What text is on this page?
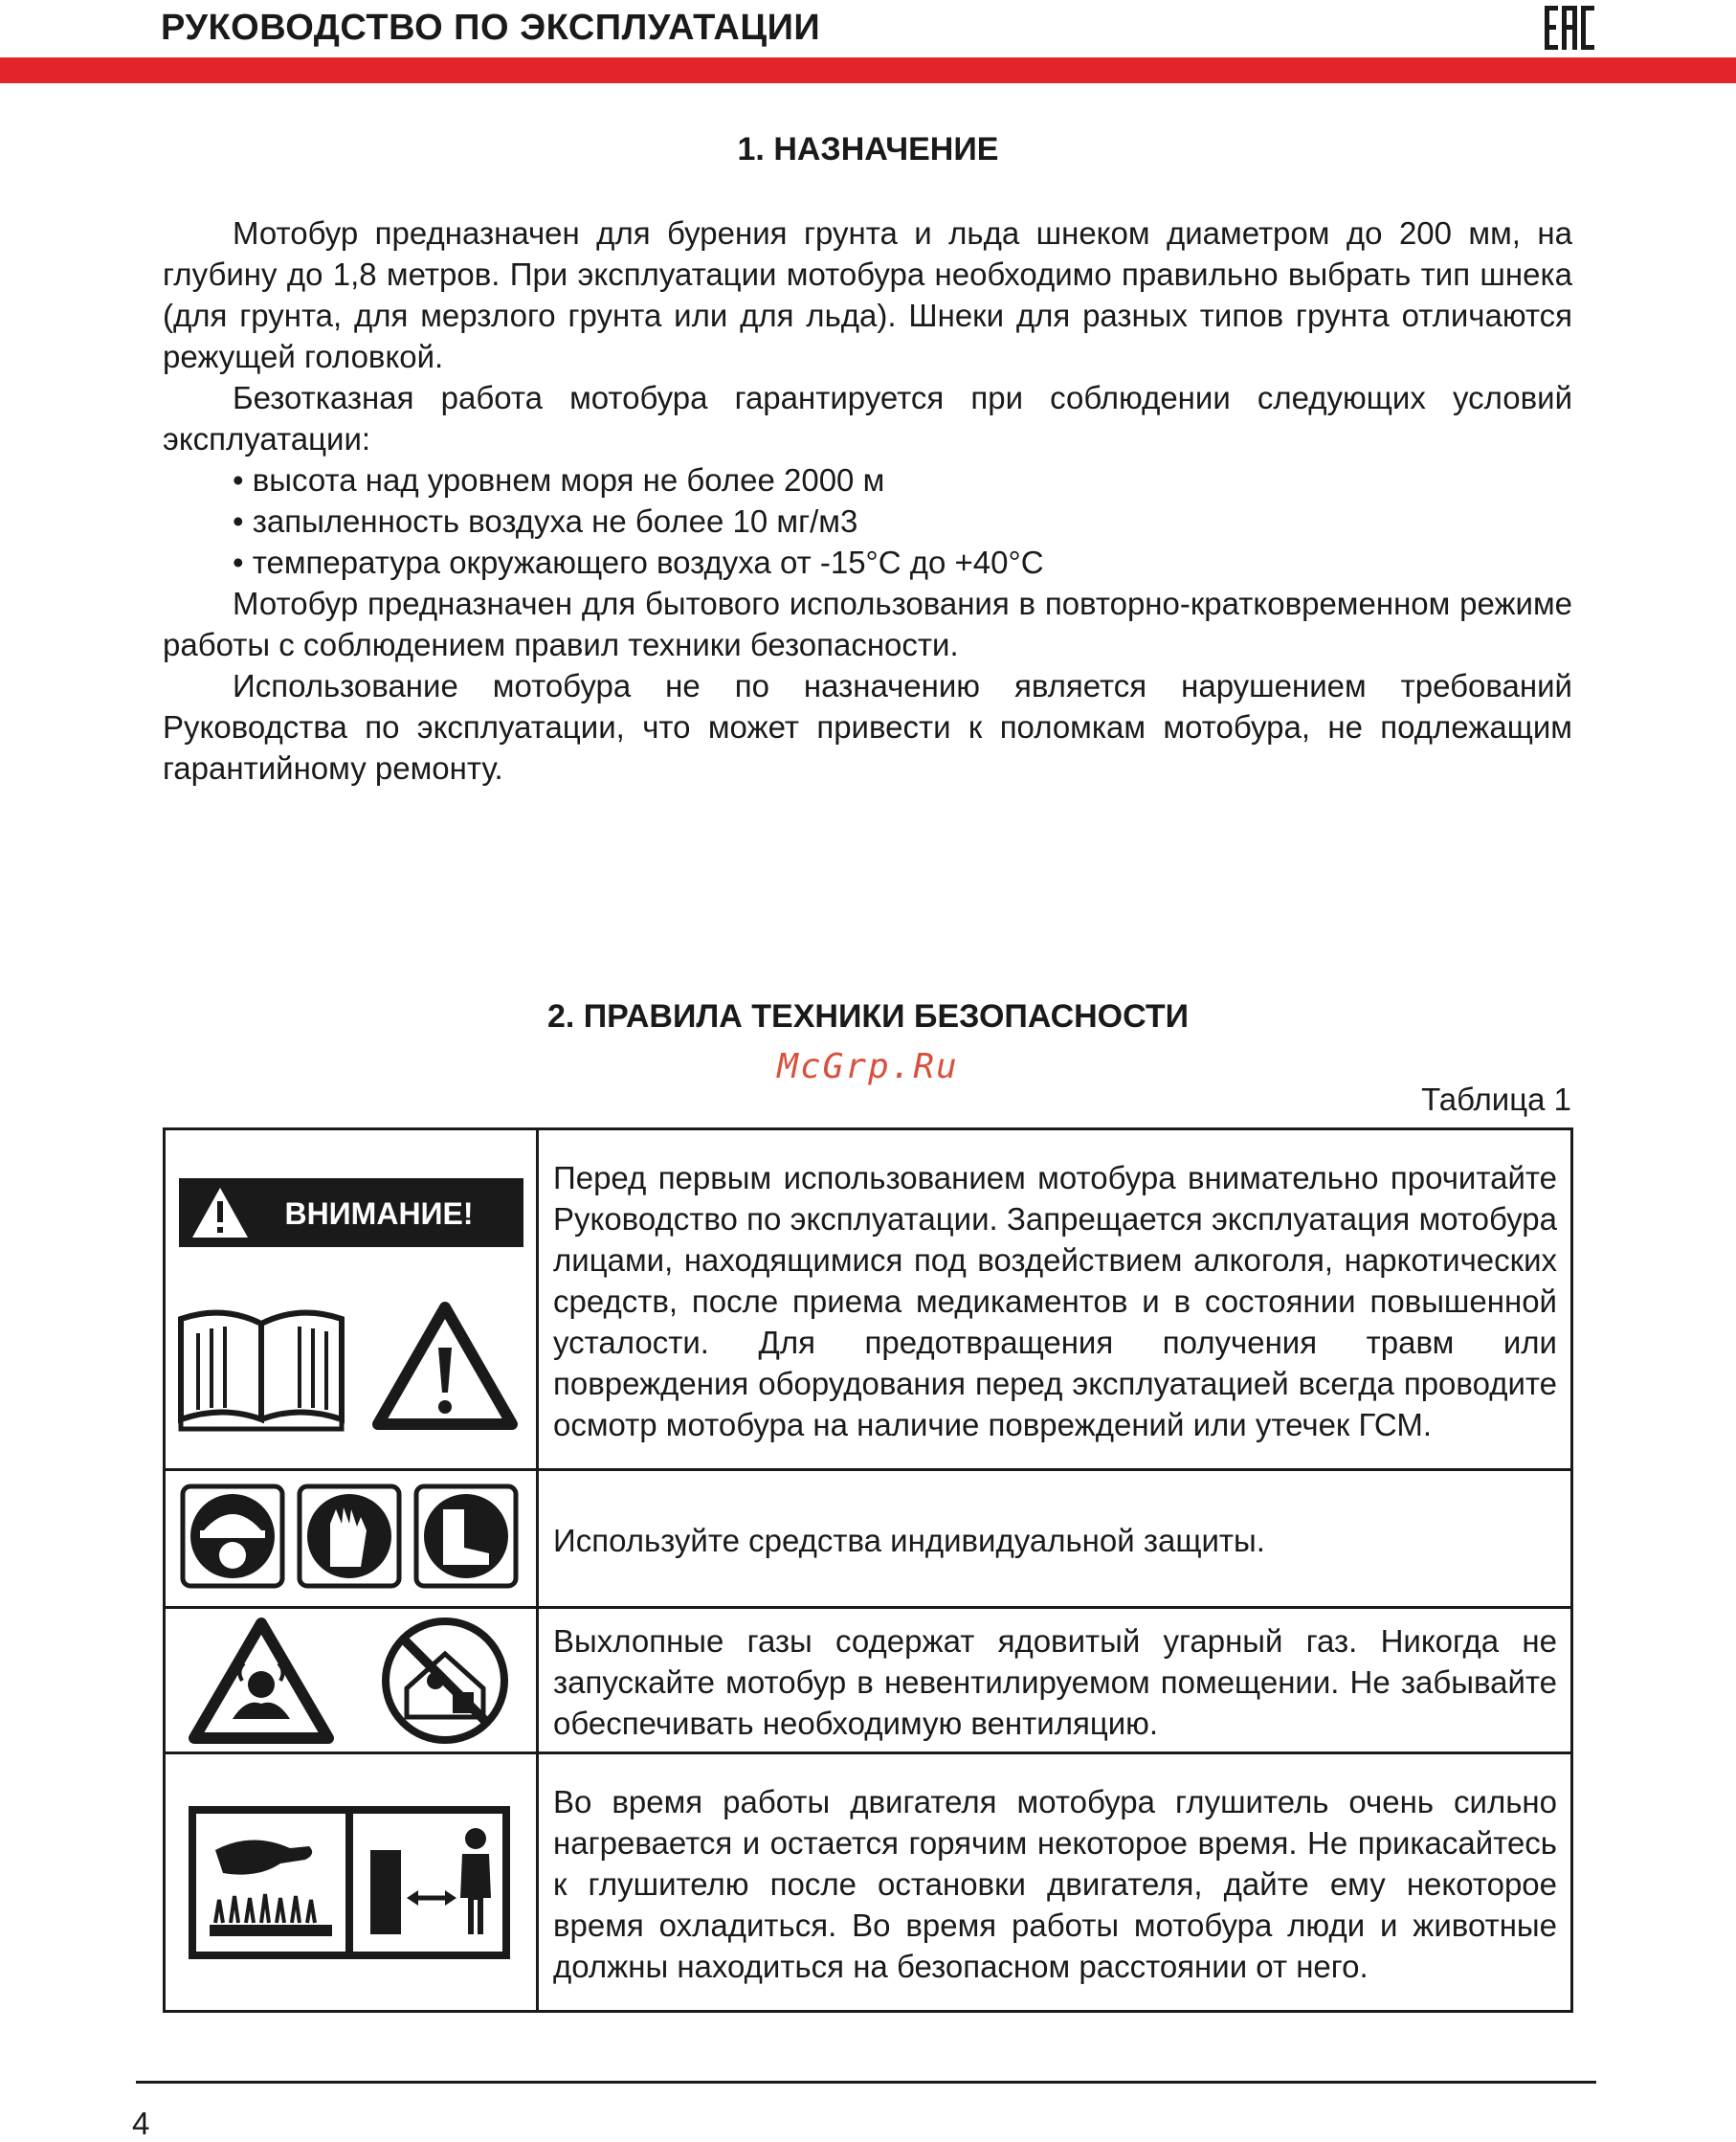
РУКОВОДСТВО ПО ЭКСПЛУАТАЦИИ
1. НАЗНАЧЕНИЕ

Мотобур предназначен для бурения грунта и льда шнеком диаметром до 200 мм, на глубину до 1,8 метров. При эксплуатации мотобура необходимо правильно выбрать тип шнека (для грунта, для мерзлого грунта или для льда). Шнеки для разных типов грунта отличаются режущей головкой.

Безотказная работа мотобура гарантируется при соблюдении следующих условий эксплуатации:

• высота над уровнем моря не более 2000 м
• запыленность воздуха не более 10 мг/м3
• температура окружающего воздуха от -15°С до +40°С

Мотобур предназначен для бытового использования в повторно-кратковременном режиме работы с соблюдением правил техники безопасности.

Использование мотобура не по назначению является нарушением требований Руководства по эксплуатации, что может привести к поломкам мотобура, не подлежащим гарантийному ремонту.

2. ПРАВИЛА ТЕХНИКИ БЕЗОПАСНОСТИ
McGrp.Ru
Таблица 1
ВНИМАНИЕ!	Перед первым использованием мотобура внимательно прочитайте Руководство по эксплуатации. Запрещается эксплуатация мотобура лицами, находящимися под воздействием алкоголя, наркотических средств, после приема медикаментов и в состоянии повышенной усталости. Для предотвращения получения травм или повреждения оборудования перед эксплуатацией всегда проводите осмотр мотобура на наличие повреждений или утечек ГСМ.

	Используйте средства индивидуальной защиты.

	Выхлопные газы содержат ядовитый угарный газ. Никогда не запускайте мотобур в невентилируемом помещении. Не забывайте обеспечивать необходимую вентиляцию.

	Во время работы двигателя мотобура глушитель очень сильно нагревается и остается горячим некоторое время. Не прикасайтесь к глушителю после остановки двигателя, дайте ему некоторое время охладиться. Во время работы мотобура люди и животные должны находиться на безопасном расстоянии от него.
4
